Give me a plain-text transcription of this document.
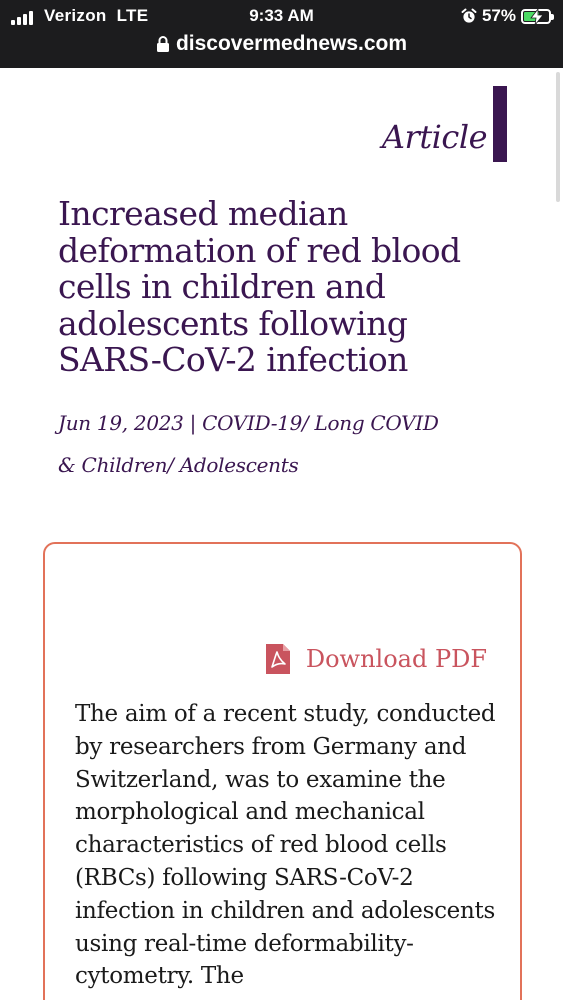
Verizon LTE	9:33 AM	57%
discovermednews.com
Article
Increased median deformation of red blood cells in children and adolescents following SARS-CoV-2 infection
Jun 19, 2023 | COVID-19/ Long COVID
& Children/ Adolescents
Download PDF

The aim of a recent study, conducted by researchers from Germany and Switzerland, was to examine the morphological and mechanical characteristics of red blood cells (RBCs) following SARS-CoV-2 infection in children and adolescents using real-time deformability-cytometry. The
